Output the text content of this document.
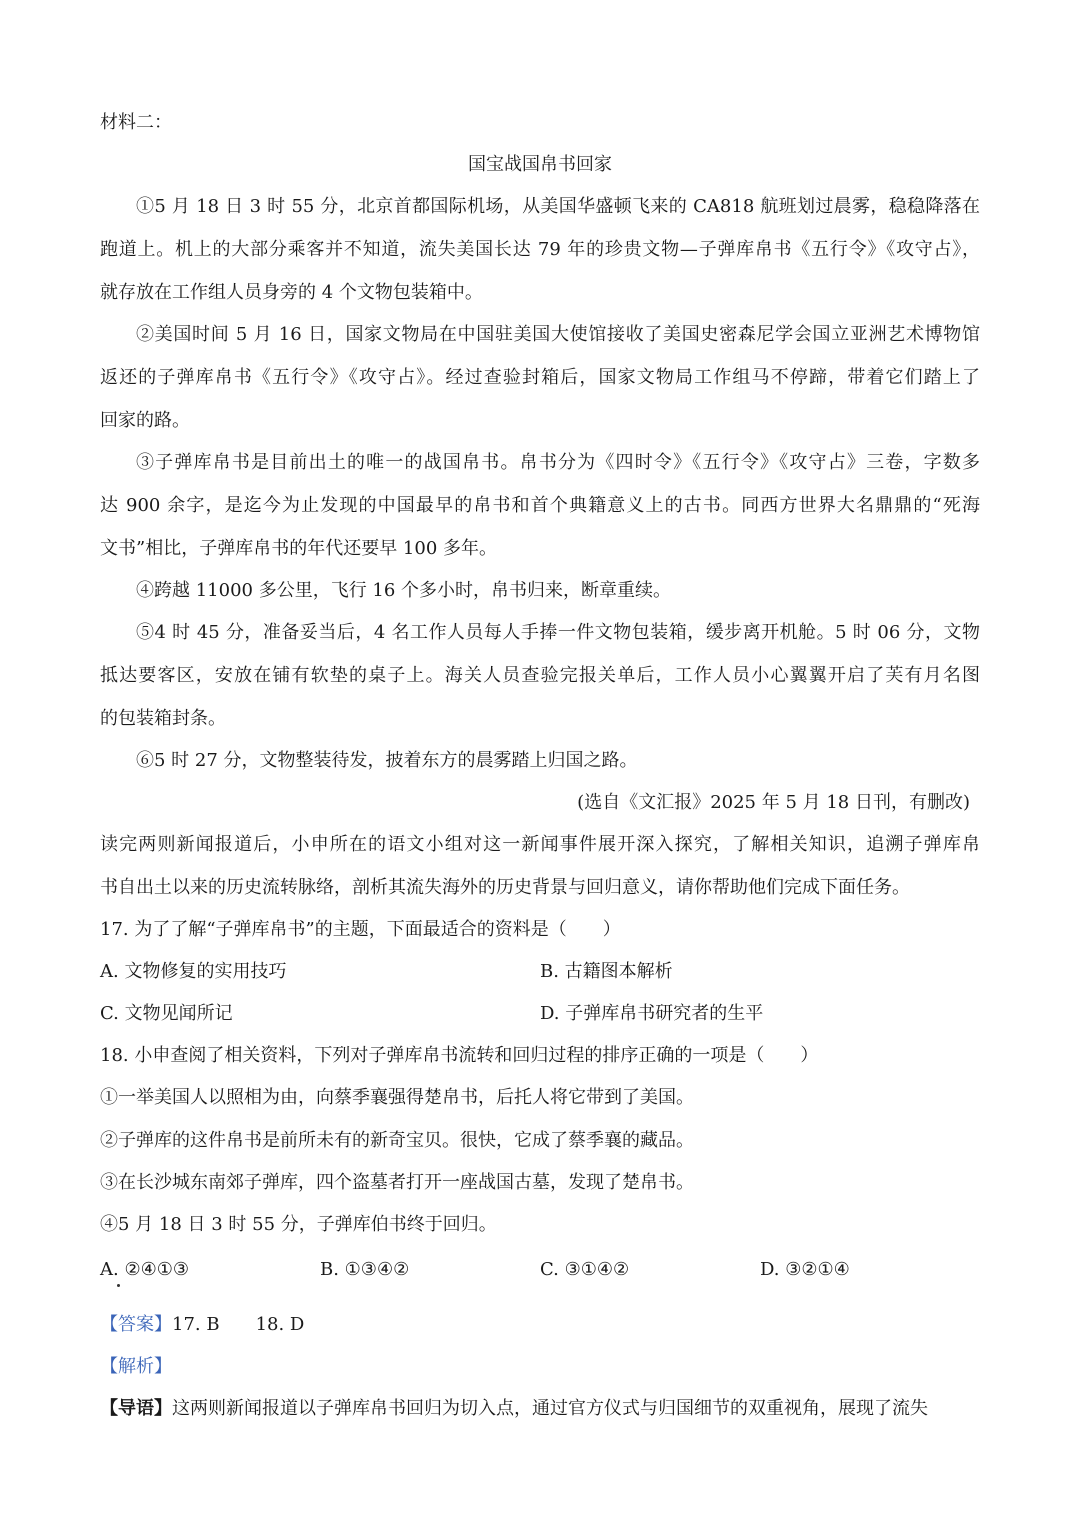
材料二：
国宝战国帛书回家
①5 月 18 日 3 时 55 分，北京首都国际机场，从美国华盛顿飞来的 CA818 航班划过晨雾，稳稳降落在
跑道上。机上的大部分乘客并不知道，流失美国长达 79 年的珍贵文物—子弹库帛书《五行令》《攻守占》，
就存放在工作组人员身旁的 4 个文物包装箱中。
②美国时间 5 月 16 日，国家文物局在中国驻美国大使馆接收了美国史密森尼学会国立亚洲艺术博物馆
返还的子弹库帛书《五行令》《攻守占》。经过查验封箱后，国家文物局工作组马不停蹄，带着它们踏上了
回家的路。
③子弹库帛书是目前出土的唯一的战国帛书。帛书分为《四时令》《五行令》《攻守占》三卷，字数多
达 900 余字，是迄今为止发现的中国最早的帛书和首个典籍意义上的古书。同西方世界大名鼎鼎的“死海
文书”相比，子弹库帛书的年代还要早 100 多年。
④跨越 11000 多公里，飞行 16 个多小时，帛书归来，断章重续。
⑤4 时 45 分，准备妥当后，4 名工作人员每人手捧一件文物包装箱，缓步离开机舱。5 时 06 分，文物
抵达要客区，安放在铺有软垫的桌子上。海关人员查验完报关单后，工作人员小心翼翼开启了芙有月名图
的包装箱封条。
⑥5 时 27 分，文物整装待发，披着东方的晨雾踏上归国之路。
(选自《文汇报》2025 年 5 月 18 日刊，有删改)
读完两则新闻报道后，小申所在的语文小组对这一新闻事件展开深入探究，了解相关知识，追溯子弹库帛
书自出土以来的历史流转脉络，剖析其流失海外的历史背景与回归意义，请你帮助他们完成下面任务。
17. 为了了解“子弹库帛书”的主题，下面最适合的资料是（　　）
A. 文物修复的实用技巧	B. 古籍图本解析
C. 文物见闻所记	D. 子弹库帛书研究者的生平
18. 小申查阅了相关资料，下列对子弹库帛书流转和回归过程的排序正确的一项是（　　）
①一举美国人以照相为由，向蔡季襄强得楚帛书，后托人将它带到了美国。
②子弹库的这件帛书是前所未有的新奇宝贝。很快，它成了蔡季襄的藏品。
③在长沙城东南郊子弹库，四个盗墓者打开一座战国古墓，发现了楚帛书。
④5 月 18 日 3 时 55 分，子弹库伯书终于回归。
A. ②④①③	B. ①③④②	C. ③①④②	D. ③②①④
【答案】17. B　　18. D
【解析】
【导语】这两则新闻报道以子弹库帛书回归为切入点，通过官方仪式与归国细节的双重视角，展现了流失
